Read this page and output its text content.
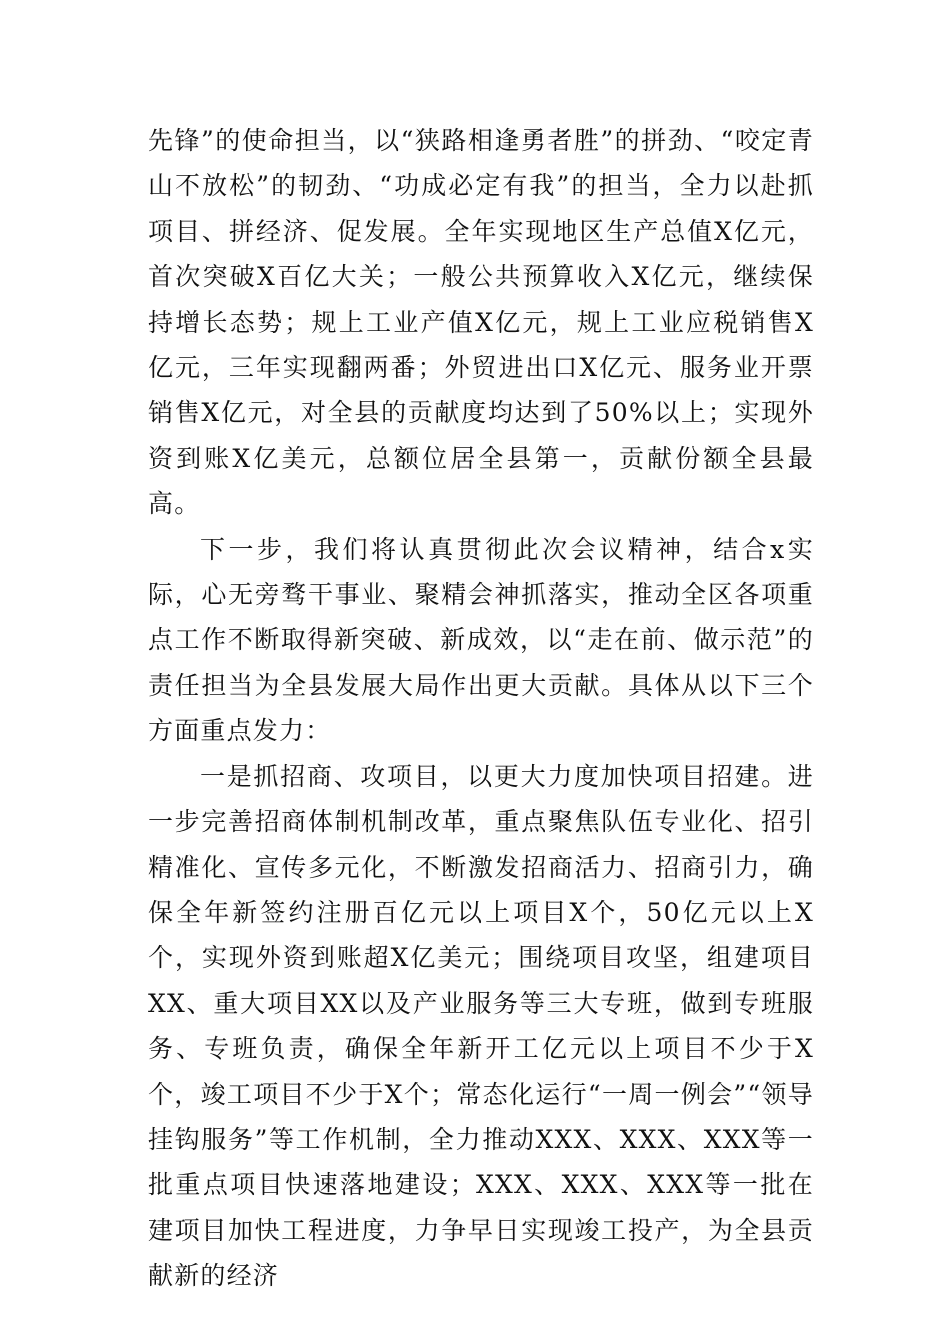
先锋”的使命担当，以“狭路相逢勇者胜”的拼劲、“咬定青山不放松”的韧劲、“功成必定有我”的担当，全力以赴抓项目、拼经济、促发展。全年实现地区生产总值X亿元，首次突破X百亿大关；一般公共预算收入X亿元，继续保持增长态势；规上工业产值X亿元，规上工业应税销售X亿元，三年实现翻两番；外贸进出口X亿元、服务业开票销售X亿元，对全县的贡献度均达到了50%以上；实现外资到账X亿美元，总额位居全县第一，贡献份额全县最高。

下一步，我们将认真贯彻此次会议精神，结合x实际，心无旁骛干事业、聚精会神抓落实，推动全区各项重点工作不断取得新突破、新成效，以“走在前、做示范”的责任担当为全县发展大局作出更大贡献。具体从以下三个方面重点发力：

一是抓招商、攻项目，以更大力度加快项目招建。进一步完善招商体制机制改革，重点聚焦队伍专业化、招引精准化、宣传多元化，不断激发招商活力、招商引力，确保全年新签约注册百亿元以上项目X个，50亿元以上X个，实现外资到账超X亿美元；围绕项目攻坚，组建项目XX、重大项目XX以及产业服务等三大专班，做到专班服务、专班负责，确保全年新开工亿元以上项目不少于X个，竣工项目不少于X个；常态化运行“一周一例会”“领导挂钩服务”等工作机制，全力推动XXX、XXX、XXX等一批重点项目快速落地建设；XXX、XXX、XXX等一批在建项目加快工程进度，力争早日实现竣工投产，为全县贡献新的经济
